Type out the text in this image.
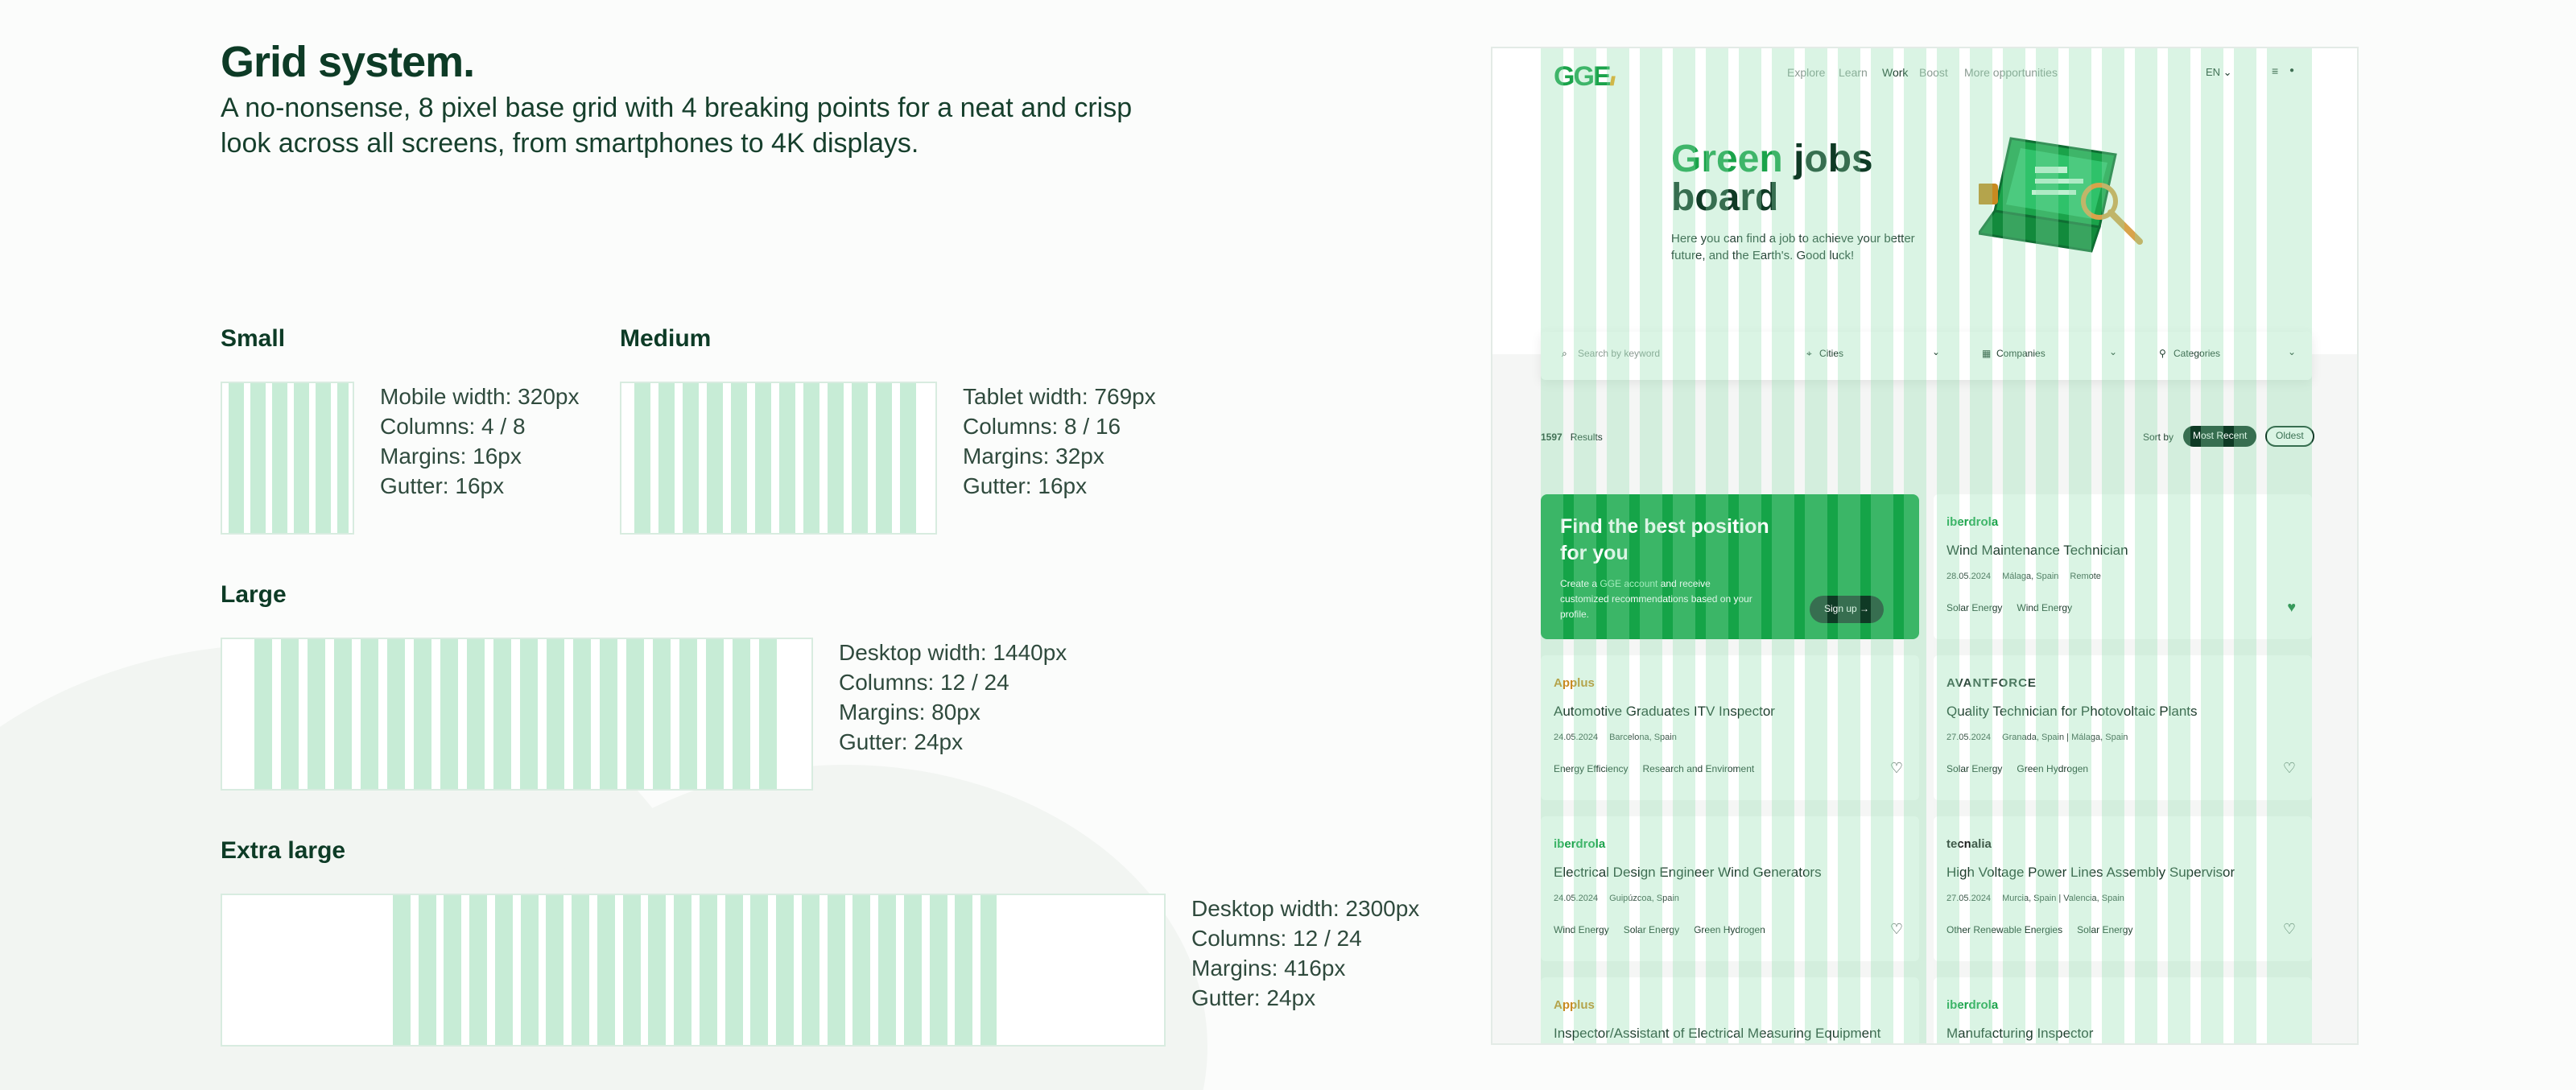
Grid system.
A no-nonsense, 8 pixel base grid with 4 breaking points for a neat and crisp look across all screens, from smartphones to 4K displays.
Small
Mobile width: 320px
Columns: 4 / 8
Margins: 16px
Gutter: 16px
Medium
Tablet width: 769px
Columns: 8 / 16
Margins: 32px
Gutter: 16px
Large
Desktop width: 1440px
Columns: 12 / 24
Margins: 80px
Gutter: 24px
Extra large
Desktop width: 2300px
Columns: 12 / 24
Margins: 416px
Gutter: 24px
GGE///
Explore Learn Work Boost More opportunities	EN ⌄	≡ ●
Green jobs
board
Here you can find a job to achieve your better future, and the Earth's. Good luck!
⌕ Search by keyword	⌖ Cities	⌄	▦ Companies	⌄	⚲ Categories	⌄
1597 Results	Sort by	Most Recent	Oldest
Find the best position for you
Create a GGE account and receive customized recommendations based on your profile.	Sign up →
iberdrola
Wind Maintenance Technician
28.05.2024 Málaga, Spain Remote
Solar Energy Wind Energy	♥
Applus
Automotive Graduates ITV Inspector
24.05.2024 Barcelona, Spain
Energy Efficiency Research and Enviroment	♡
AVANTFORCE
Quality Technician for Photovoltaic Plants
27.05.2024 Granada, Spain | Málaga, Spain
Solar Energy Green Hydrogen	♡
iberdrola
Electrical Design Engineer Wind Generators
24.05.2024 Guipúzcoa, Spain
Wind Energy Solar Energy Green Hydrogen	♡
tecnalia
High Voltage Power Lines Assembly Supervisor
27.05.2024 Murcia, Spain | Valencia, Spain
Other Renewable Energies Solar Energy	♡
Applus
Inspector/Assistant of Electrical Measuring Equipment
iberdrola
Manufacturing Inspector
